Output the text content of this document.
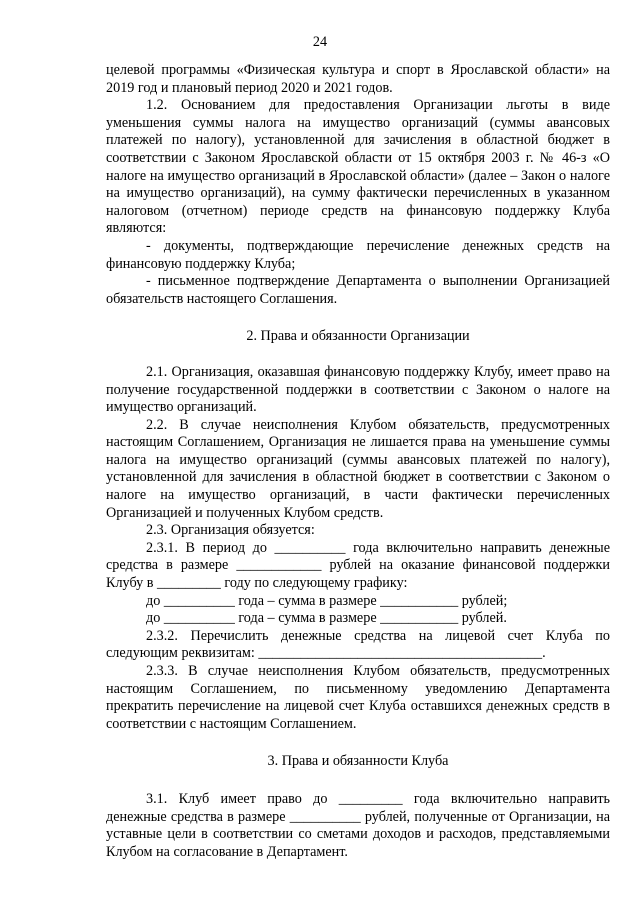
24

целевой программы «Физическая культура и спорт в Ярославской области» на 2019 год и плановый период 2020 и 2021 годов.

1.2. Основанием для предоставления Организации льготы в виде уменьшения суммы налога на имущество организаций (суммы авансовых платежей по налогу), установленной для зачисления в областной бюджет в соответствии с Законом Ярославской области от 15 октября 2003 г. № 46-з «О налоге на имущество организаций в Ярославской области» (далее – Закон о налоге на имущество организаций), на сумму фактически перечисленных в указанном налоговом (отчетном) периоде средств на финансовую поддержку Клуба являются:

- документы, подтверждающие перечисление денежных средств на финансовую поддержку Клуба;

- письменное подтверждение Департамента о выполнении Организацией обязательств настоящего Соглашения.

2. Права и обязанности Организации

2.1. Организация, оказавшая финансовую поддержку Клубу, имеет право на получение государственной поддержки в соответствии с Законом о налоге на имущество организаций.

2.2. В случае неисполнения Клубом обязательств, предусмотренных настоящим Соглашением, Организация не лишается права на уменьшение суммы налога на имущество организаций (суммы авансовых платежей по налогу), установленной для зачисления в областной бюджет в соответствии с Законом о налоге на имущество организаций, в части фактически перечисленных Организацией и полученных Клубом средств.

2.3. Организация обязуется:

2.3.1. В период до __________ года включительно направить денежные средства в размере ____________ рублей на оказание финансовой поддержки Клубу в _________ году по следующему графику:

до __________ года – сумма в размере ___________ рублей;

до __________ года – сумма в размере ___________ рублей.

2.3.2. Перечислить денежные средства на лицевой счет Клуба по следующим реквизитам: ________________________________________.

2.3.3. В случае неисполнения Клубом обязательств, предусмотренных настоящим Соглашением, по письменному уведомлению Департамента прекратить перечисление на лицевой счет Клуба оставшихся денежных средств в соответствии с настоящим Соглашением.

3. Права и обязанности Клуба

3.1. Клуб имеет право до _________ года включительно направить денежные средства в размере __________ рублей, полученные от Организации, на уставные цели в соответствии со сметами доходов и расходов, представляемыми Клубом на согласование в Департамент.
